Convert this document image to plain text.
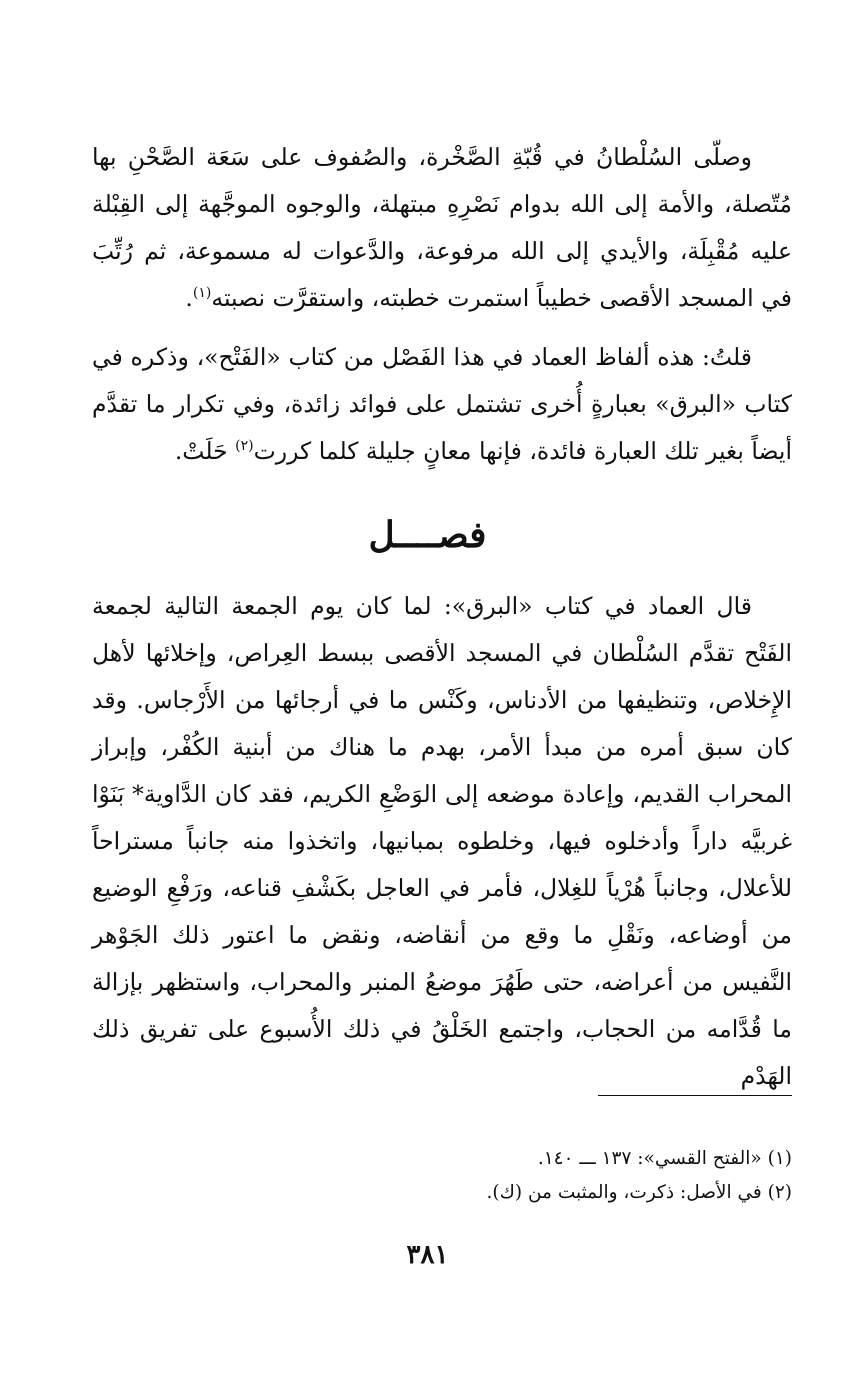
وصلّى السُلْطانُ في قُبّةِ الصَّخْرة، والصُفوف على سَعَة الصَّحْنِ بها مُتّصلة، والأمة إلى الله بدوام نَصْرِهِ مبتهلة، والوجوه الموجَّهة إلى القِبْلة عليه مُقْبِلَة، والأيدي إلى الله مرفوعة، والدَّعوات له مسموعة، ثم رُتِّبَ في المسجد الأقصى خطيباً استمرت خطبته، واستقرَّت نصبته$^{(١)}$.

قلتُ: هذه ألفاظ العماد في هذا الفَصْل من كتاب «الفَتْح»، وذكره في كتاب «البرق» بعبارةٍ أُخرى تشتمل على فوائد زائدة، وفي تكرار ما تقدَّم أيضاً بغير تلك العبارة فائدة، فإنها معانٍ جليلة كلما كررت$^{(٢)}$ حَلَتْ.

فصــــل

قال العماد في كتاب «البرق»: لما كان يوم الجمعة التالية لجمعة الفَتْح تقدَّم السُلْطان في المسجد الأقصى ببسط العِراص، وإخلائها لأهل الإِخلاص، وتنظيفها من الأدناس، وكَنْس ما في أرجائها من الأَرْجاس. وقد كان سبق أمره من مبدأ الأمر، بهدم ما هناك من أبنية الكُفْر، وإبراز المحراب القديم، وإعادة موضعه إلى الوَضْعِ الكريم، فقد كان الدَّاوية* بَنَوْا غربيَّه داراً وأدخلوه فيها، وخلطوه بمبانيها، واتخذوا منه جانباً مستراحاً للأعلال، وجانباً هُرْياً للغِلال، فأمر في العاجل بكَشْفِ قناعه، ورَفْعِ الوضيع من أوضاعه، ونَقْلِ ما وقع من أنقاضه، ونقض ما اعتور ذلك الجَوْهر النَّفيس من أعراضه، حتى طَهُرَ موضعُ المنبر والمحراب، واستظهر بإزالة ما قُدَّامه من الحجاب، واجتمع الخَلْقُ في ذلك الأُسبوع على تفريق ذلك الهَدْم

(١) «الفتح القسي»: ١٣٧ ـــ ١٤٠.

(٢) في الأصل: ذكرت، والمثبت من (ك).

٣٨١
